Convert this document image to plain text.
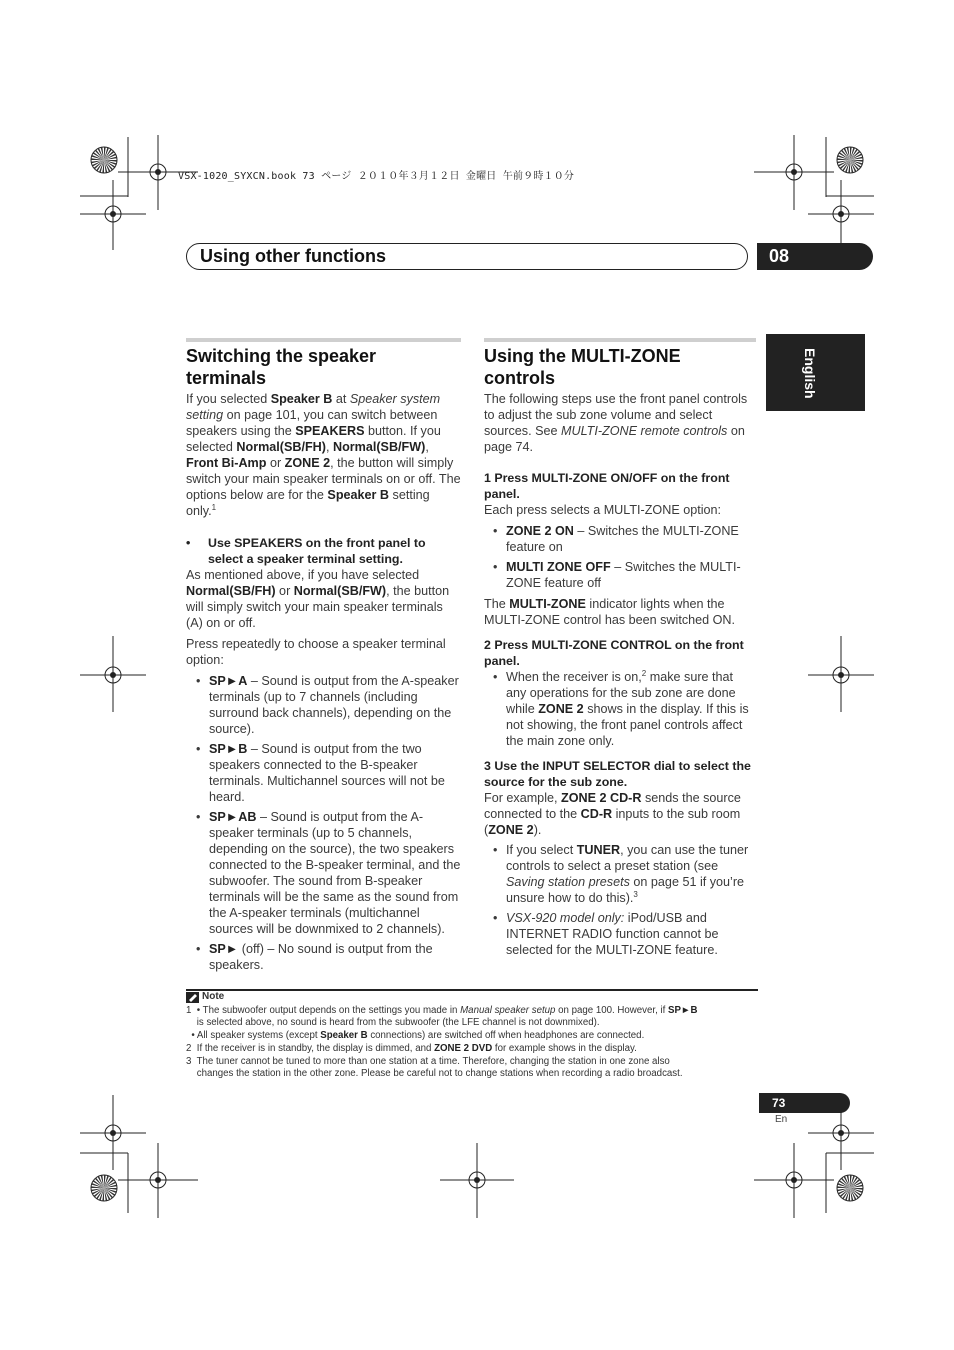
VSX-1020_SYXCN.book 73 ページ ２０１０年３月１２日 金曜日 午前９時１０分
Using other functions	08
English
Switching the speaker terminals

If you selected Speaker B at Speaker system setting on page 101, you can switch between speakers using the SPEAKERS button. If you selected Normal(SB/FH), Normal(SB/FW), Front Bi-Amp or ZONE 2, the button will simply switch your main speaker terminals on or off. The options below are for the Speaker B setting only.$^1$

• Use SPEAKERS on the front panel to select a speaker terminal setting.

As mentioned above, if you have selected Normal(SB/FH) or Normal(SB/FW), the button will simply switch your main speaker terminals (A) on or off.

Press repeatedly to choose a speaker terminal option:

• SP►A – Sound is output from the A-speaker terminals (up to 7 channels (including surround back channels), depending on the source).
• SP►B – Sound is output from the two speakers connected to the B-speaker terminals. Multichannel sources will not be heard.
• SP►AB – Sound is output from the A-speaker terminals (up to 5 channels, depending on the source), the two speakers connected to the B-speaker terminal, and the subwoofer. The sound from B-speaker terminals will be the same as the sound from the A-speaker terminals (multichannel sources will be downmixed to 2 channels).
• SP► (off) – No sound is output from the speakers.
Using the MULTI-ZONE controls

The following steps use the front panel controls to adjust the sub zone volume and select sources. See MULTI-ZONE remote controls on page 74.

1 Press MULTI-ZONE ON/OFF on the front panel.

Each press selects a MULTI-ZONE option:

• ZONE 2 ON – Switches the MULTI-ZONE feature on
• MULTI ZONE OFF – Switches the MULTI-ZONE feature off

The MULTI-ZONE indicator lights when the MULTI-ZONE control has been switched ON.

2 Press MULTI-ZONE CONTROL on the front panel.
• When the receiver is on,$^2$ make sure that any operations for the sub zone are done while ZONE 2 shows in the display. If this is not showing, the front panel controls affect the main zone only.
3 Use the INPUT SELECTOR dial to select the source for the sub zone.

For example, ZONE 2 CD-R sends the source connected to the CD-R inputs to the sub room (ZONE 2).

• If you select TUNER, you can use the tuner controls to select a preset station (see Saving station presets on page 51 if you’re unsure how to do this).$^3$
• VSX-920 model only: iPod/USB and INTERNET RADIO function cannot be selected for the MULTI-ZONE feature.
Note
1  • The subwoofer output depends on the settings you made in Manual speaker setup on page 100. However, if SP►B
is selected above, no sound is heard from the subwoofer (the LFE channel is not downmixed).
• All speaker systems (except Speaker B connections) are switched off when headphones are connected.
2  If the receiver is in standby, the display is dimmed, and ZONE 2 DVD for example shows in the display.
3  The tuner cannot be tuned to more than one station at a time. Therefore, changing the station in one zone also
changes the station in the other zone. Please be careful not to change stations when recording a radio broadcast.
73
En
